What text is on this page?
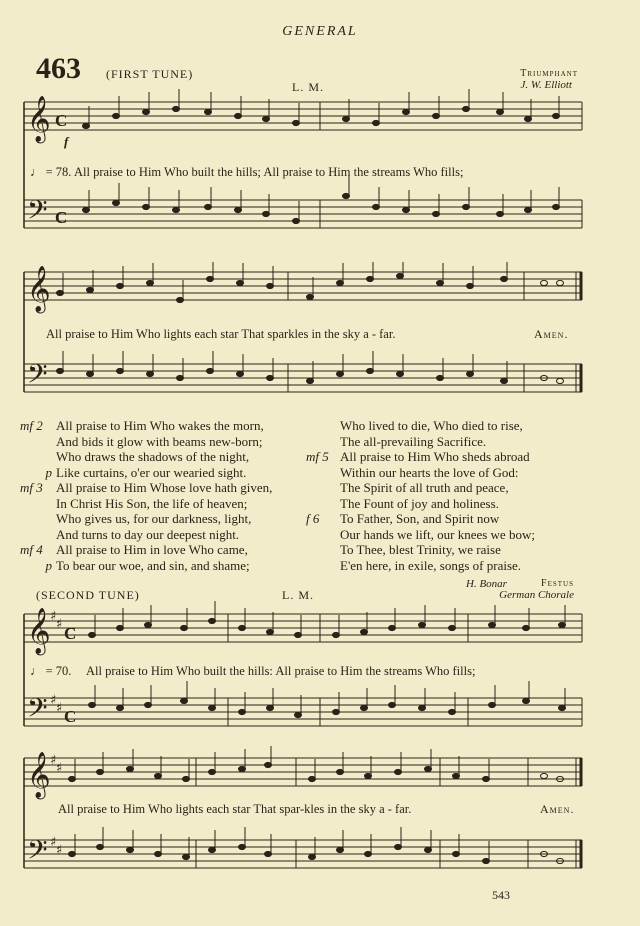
GENERAL
463 (FIRST TUNE)
L. M.
Triumphant
J. W. Elliott
𝄞
𝄢
C
C
f
♩ = 78. All praise to Him Who built the hills; All praise to Him the streams Who fills;
𝄞
𝄢
All praise to Him Who lights each star That sparkles in the sky a - far.	Amen.
mf 2 All praise to Him Who wakes the morn,
And bids it glow with beams new-born;
Who draws the shadows of the night,
p Like curtains, o'er our wearied sight.
mf 3 All praise to Him Whose love hath given,
In Christ His Son, the life of heaven;
Who gives us, for our darkness, light,
And turns to day our deepest night.
mf 4 All praise to Him in love Who came,
p To bear our woe, and sin, and shame;
Who lived to die, Who died to rise,
The all-prevailing Sacrifice.
mf 5 All praise to Him Who sheds abroad
Within our hearts the love of God:
The Spirit of all truth and peace,
The Fount of joy and holiness.
f 6 To Father, Son, and Spirit now
Our hands we lift, our knees we bow;
To Thee, blest Trinity, we raise
E'en here, in exile, songs of praise.
H. Bonar
(SECOND TUNE)	L. M.
Festus
German Chorale
𝄞
𝄢
♯
♯
♯
♯
C
C
♩ = 70. All praise to Him Who built the hills: All praise to Him the streams Who fills;
𝄞
𝄢
♯
♯
♯
♯
All praise to Him Who lights each star That spar-kles in the sky a - far.	Amen.
543
